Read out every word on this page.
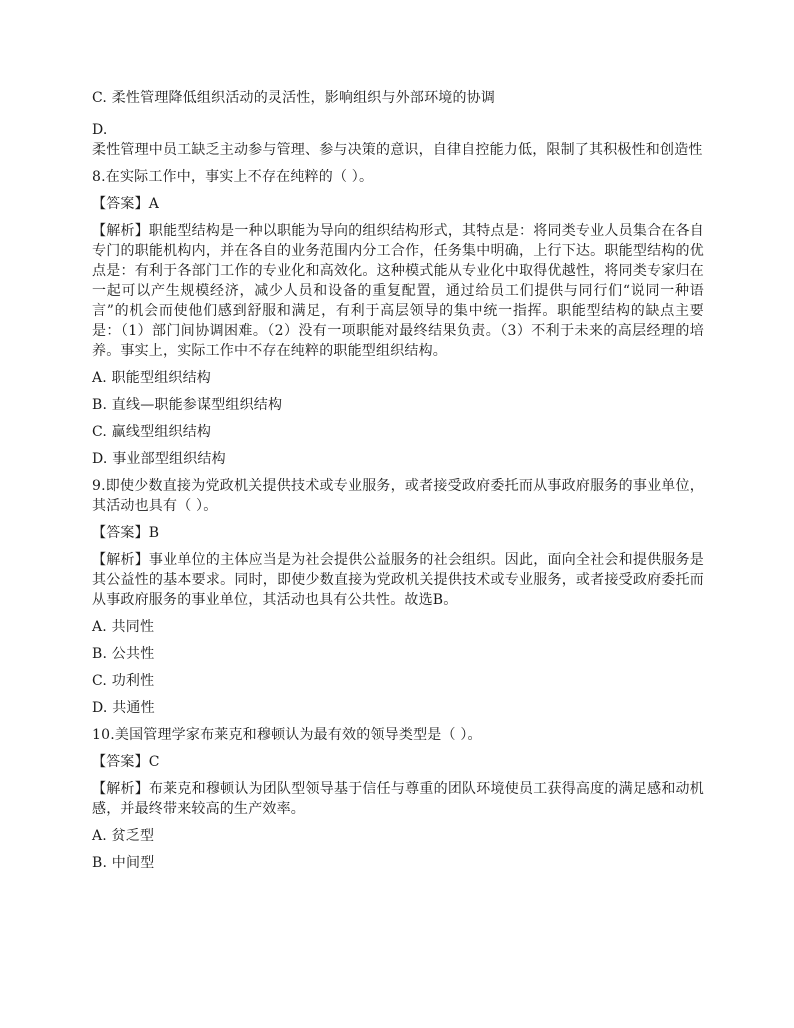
C. 柔性管理降低组织活动的灵活性，影响组织与外部环境的协调
D.
柔性管理中员工缺乏主动参与管理、参与决策的意识，自律自控能力低，限制了其积极性和创造性
8.在实际工作中，事实上不存在纯粹的（ ）。
【答案】A
【解析】职能型结构是一种以职能为导向的组织结构形式，其特点是：将同类专业人员集合在各自专门的职能机构内，并在各自的业务范围内分工合作，任务集中明确，上行下达。职能型结构的优点是：有利于各部门工作的专业化和高效化。这种模式能从专业化中取得优越性，将同类专家归在一起可以产生规模经济，减少人员和设备的重复配置，通过给员工们提供与同行们“说同一种语言”的机会而使他们感到舒服和满足，有利于高层领导的集中统一指挥。职能型结构的缺点主要是：（1）部门间协调困难。（2）没有一项职能对最终结果负责。（3）不利于未来的高层经理的培养。事实上，实际工作中不存在纯粹的职能型组织结构。
A. 职能型组织结构
B. 直线—职能参谋型组织结构
C. 赢线型组织结构
D. 事业部型组织结构
9.即使少数直接为党政机关提供技术或专业服务，或者接受政府委托而从事政府服务的事业单位，其活动也具有（ ）。
【答案】B
【解析】事业单位的主体应当是为社会提供公益服务的社会组织。因此，面向全社会和提供服务是其公益性的基本要求。同时，即使少数直接为党政机关提供技术或专业服务，或者接受政府委托而从事政府服务的事业单位，其活动也具有公共性。故选B。
A. 共同性
B. 公共性
C. 功利性
D. 共通性
10.美国管理学家布莱克和穆顿认为最有效的领导类型是（ ）。
【答案】C
【解析】布莱克和穆顿认为团队型领导基于信任与尊重的团队环境使员工获得高度的满足感和动机感，并最终带来较高的生产效率。
A. 贫乏型
B. 中间型
